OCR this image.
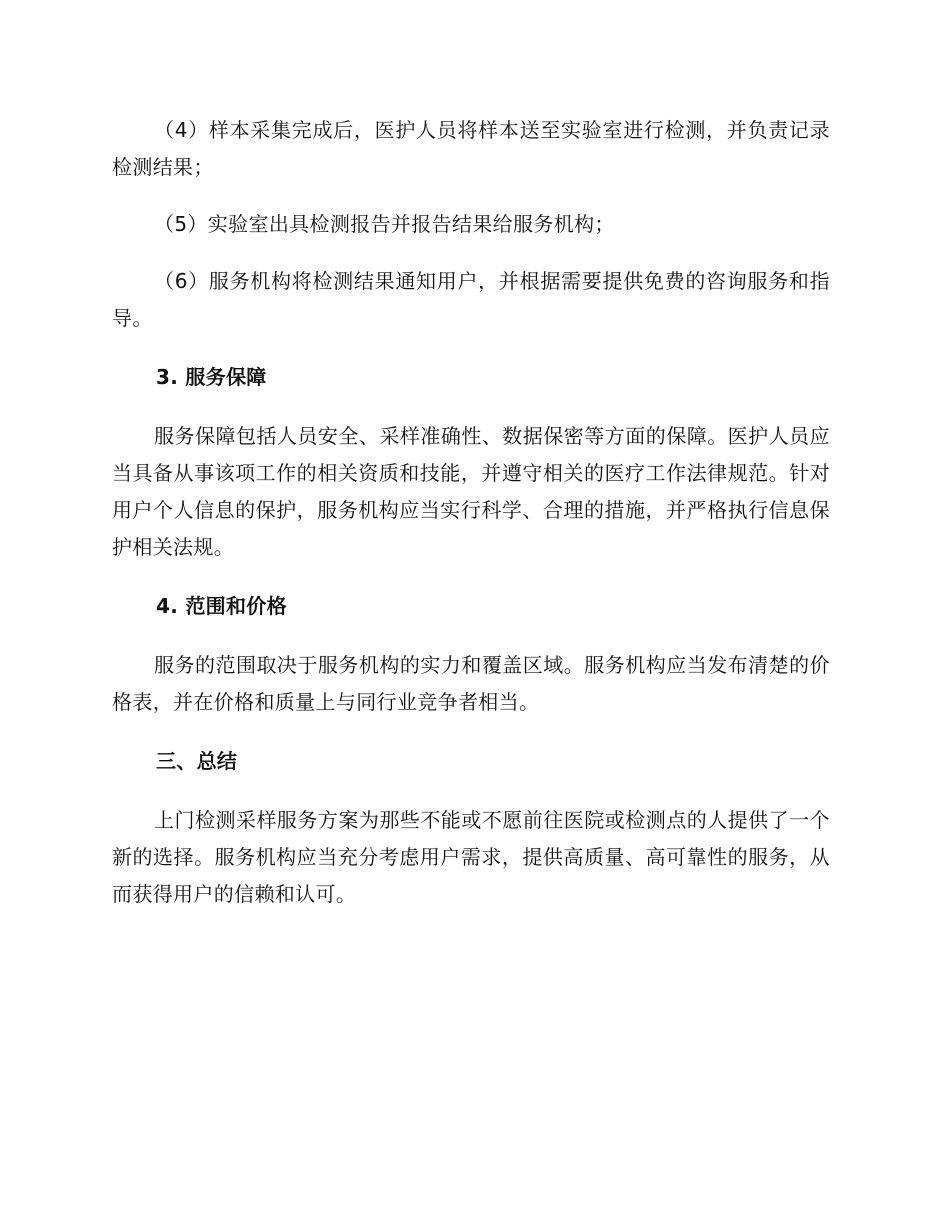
（4）样本采集完成后，医护人员将样本送至实验室进行检测，并负责记录检测结果；

（5）实验室出具检测报告并报告结果给服务机构；

（6）服务机构将检测结果通知用户，并根据需要提供免费的咨询服务和指导。

3. 服务保障

服务保障包括人员安全、采样准确性、数据保密等方面的保障。医护人员应当具备从事该项工作的相关资质和技能，并遵守相关的医疗工作法律规范。针对用户个人信息的保护，服务机构应当实行科学、合理的措施，并严格执行信息保护相关法规。

4. 范围和价格

服务的范围取决于服务机构的实力和覆盖区域。服务机构应当发布清楚的价格表，并在价格和质量上与同行业竞争者相当。

三、总结

上门检测采样服务方案为那些不能或不愿前往医院或检测点的人提供了一个新的选择。服务机构应当充分考虑用户需求，提供高质量、高可靠性的服务，从而获得用户的信赖和认可。
